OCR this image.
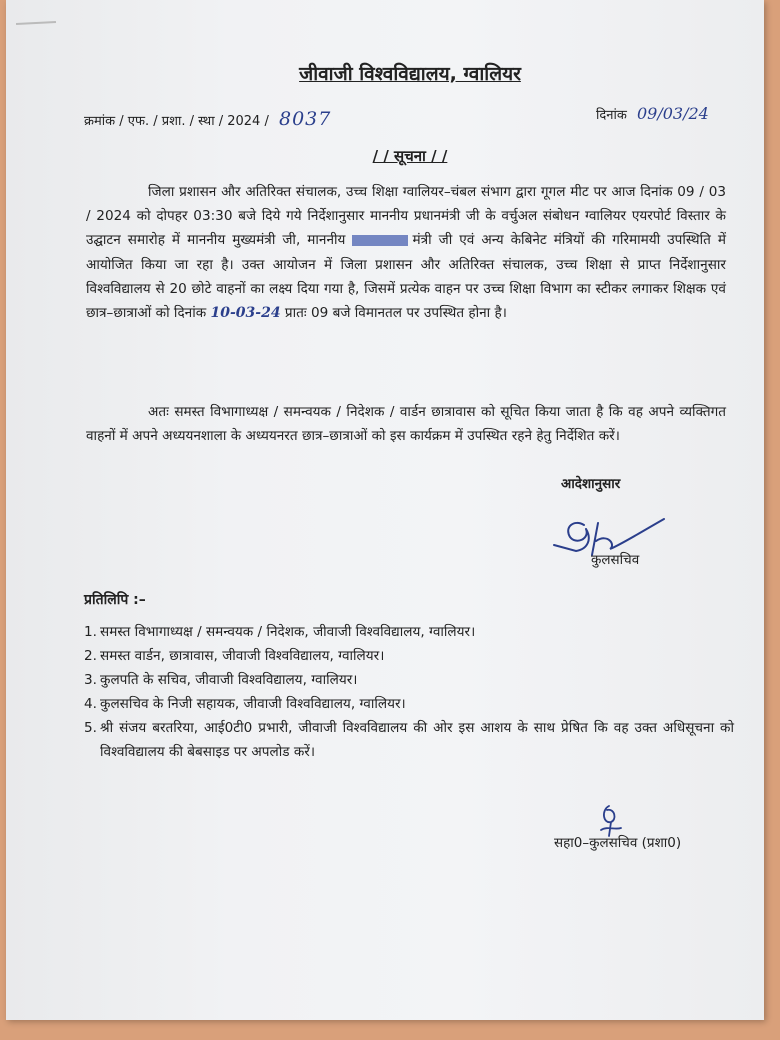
जीवाजी विश्वविद्यालय, ग्वालियर
क्रमांक / एफ. / प्रशा. / स्था / 2024 / 8037	दिनांक 09/03/24
/ / सूचना / /
जिला प्रशासन और अतिरिक्त संचालक, उच्च शिक्षा ग्वालियर–चंबल संभाग द्वारा गूगल मीट पर आज दिनांक 09 / 03 / 2024 को दोपहर 03:30 बजे दिये गये निर्देशानुसार माननीय प्रधानमंत्री जी के वर्चुअल संबोधन ग्वालियर एयरपोर्ट विस्तार के उद्घाटन समारोह में माननीय मुख्यमंत्री जी, माननीय	मंत्री जी एवं अन्य केबिनेट मंत्रियों की गरिमामयी उपस्थिति में आयोजित किया जा रहा है। उक्त आयोजन में जिला प्रशासन और अतिरिक्त संचालक, उच्च शिक्षा से प्राप्त निर्देशानुसार विश्वविद्यालय से 20 छोटे वाहनों का लक्ष्य दिया गया है, जिसमें प्रत्येक वाहन पर उच्च शिक्षा विभाग का स्टीकर लगाकर शिक्षक एवं छात्र–छात्राओं को दिनांक 10-03-24 प्रातः 09 बजे विमानतल पर उपस्थित होना है।
अतः समस्त विभागाध्यक्ष / समन्वयक / निदेशक / वार्डन छात्रावास को सूचित किया जाता है कि वह अपने व्यक्तिगत वाहनों में अपने अध्ययनशाला के अध्ययनरत छात्र–छात्राओं को इस कार्यक्रम में उपस्थित रहने हेतु निर्देशित करें।
आदेशानुसार
कुलसचिव
प्रतिलिपि :–
1. समस्त विभागाध्यक्ष / समन्वयक / निदेशक, जीवाजी विश्वविद्यालय, ग्वालियर।
2. समस्त वार्डन, छात्रावास, जीवाजी विश्वविद्यालय, ग्वालियर।
3. कुलपति के सचिव, जीवाजी विश्वविद्यालय, ग्वालियर।
4. कुलसचिव के निजी सहायक, जीवाजी विश्वविद्यालय, ग्वालियर।
5. श्री संजय बरतरिया, आई0टी0 प्रभारी, जीवाजी विश्वविद्यालय की ओर इस आशय के साथ प्रेषित कि वह उक्त अधिसूचना को विश्वविद्यालय की बेबसाइड पर अपलोड करें।
सहा0–कुलसचिव (प्रशा0)
